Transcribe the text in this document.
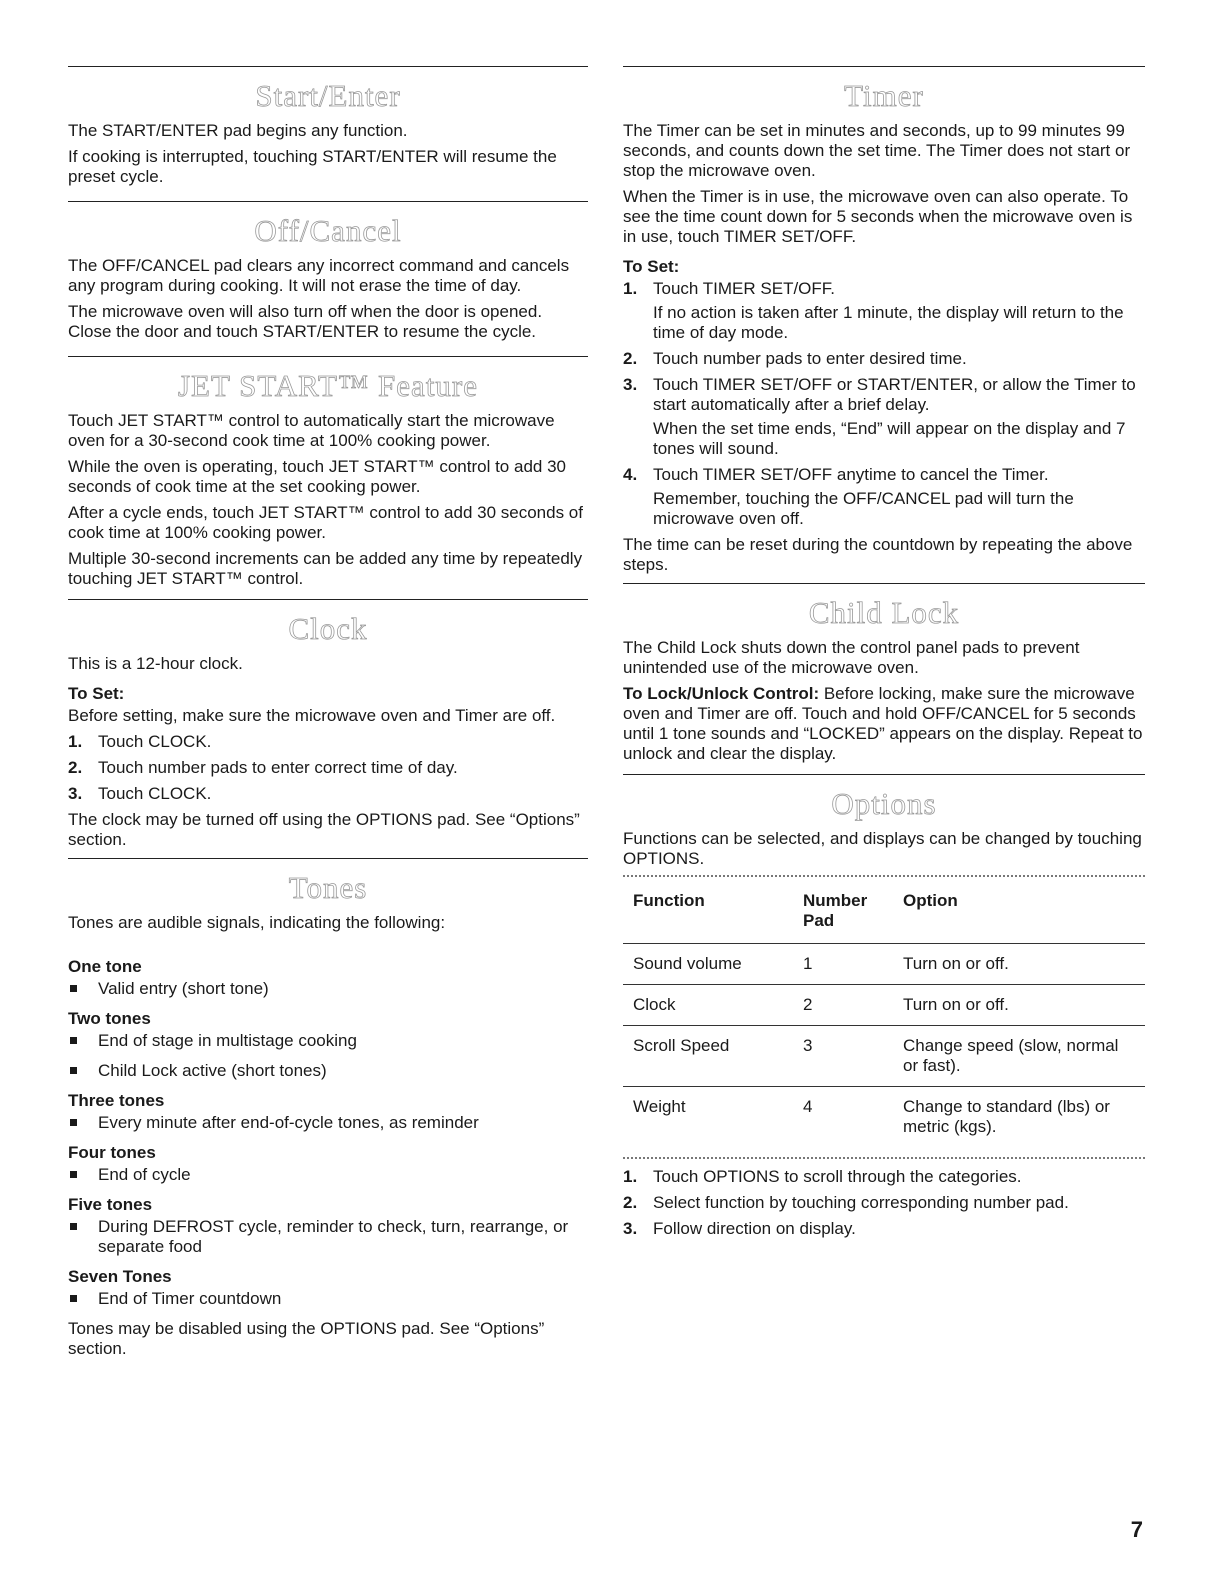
Start/Enter

The START/ENTER pad begins any function.

If cooking is interrupted, touching START/ENTER will resume the preset cycle.

Off/Cancel

The OFF/CANCEL pad clears any incorrect command and cancels any program during cooking. It will not erase the time of day.

The microwave oven will also turn off when the door is opened. Close the door and touch START/ENTER to resume the cycle.

JET START™ Feature

Touch JET START™ control to automatically start the microwave oven for a 30-second cook time at 100% cooking power.

While the oven is operating, touch JET START™ control to add 30 seconds of cook time at the set cooking power.

After a cycle ends, touch JET START™ control to add 30 seconds of cook time at 100% cooking power.

Multiple 30-second increments can be added any time by repeatedly touching JET START™ control.

Clock

This is a 12-hour clock.

To Set:

Before setting, make sure the microwave oven and Timer are off.

1. Touch CLOCK.
2. Touch number pads to enter correct time of day.
3. Touch CLOCK.

The clock may be turned off using the OPTIONS pad. See “Options” section.

Tones

Tones are audible signals, indicating the following:

One tone
Valid entry (short tone)
Two tones
End of stage in multistage cooking
Child Lock active (short tones)
Three tones
Every minute after end-of-cycle tones, as reminder
Four tones
End of cycle
Five tones
During DEFROST cycle, reminder to check, turn, rearrange, or separate food
Seven Tones
End of Timer countdown

Tones may be disabled using the OPTIONS pad. See “Options” section.

Timer

The Timer can be set in minutes and seconds, up to 99 minutes 99 seconds, and counts down the set time. The Timer does not start or stop the microwave oven.

When the Timer is in use, the microwave oven can also operate. To see the time count down for 5 seconds when the microwave oven is in use, touch TIMER SET/OFF.

To Set:
1. Touch TIMER SET/OFF.
If no action is taken after 1 minute, the display will return to the time of day mode.
2. Touch number pads to enter desired time.
3. Touch TIMER SET/OFF or START/ENTER, or allow the Timer to start automatically after a brief delay.
When the set time ends, “End” will appear on the display and 7 tones will sound.
4. Touch TIMER SET/OFF anytime to cancel the Timer.
Remember, touching the OFF/CANCEL pad will turn the microwave oven off.

The time can be reset during the countdown by repeating the above steps.

Child Lock

The Child Lock shuts down the control panel pads to prevent unintended use of the microwave oven.

To Lock/Unlock Control: Before locking, make sure the microwave oven and Timer are off. Touch and hold OFF/CANCEL for 5 seconds until 1 tone sounds and “LOCKED” appears on the display. Repeat to unlock and clear the display.

Options

Functions can be selected, and displays can be changed by touching OPTIONS.

Function	Number Pad	Option
Sound volume	1	Turn on or off.
Clock	2	Turn on or off.
Scroll Speed	3	Change speed (slow, normal or fast).
Weight	4	Change to standard (lbs) or metric (kgs).
1. Touch OPTIONS to scroll through the categories.
2. Select function by touching corresponding number pad.
3. Follow direction on display.
7
